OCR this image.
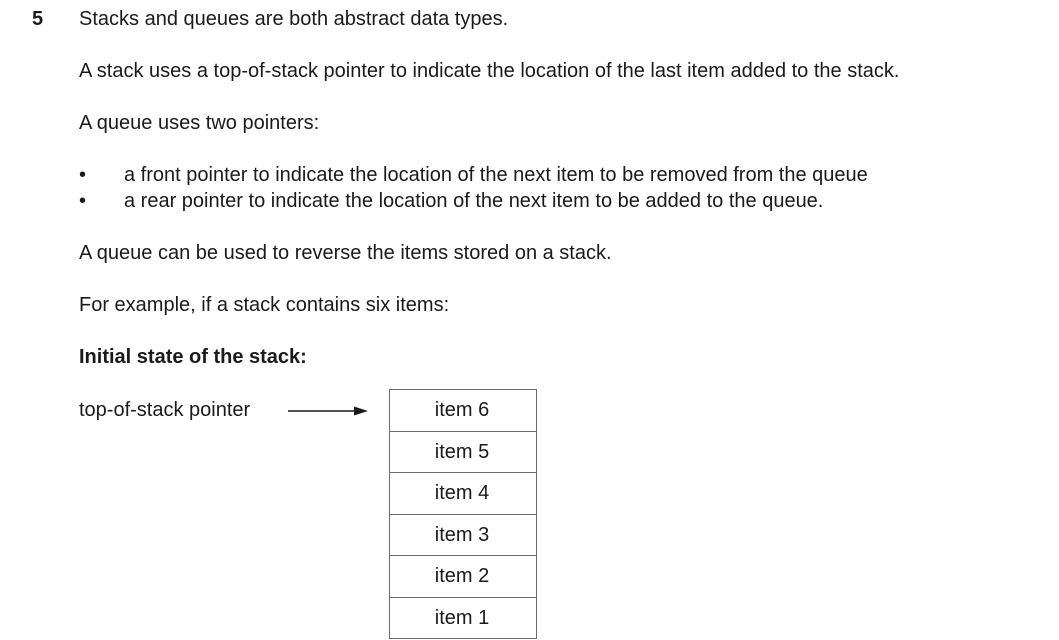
5 Stacks and queues are both abstract data types.
A stack uses a top-of-stack pointer to indicate the location of the last item added to the stack.
A queue uses two pointers:
• a front pointer to indicate the location of the next item to be removed from the queue
• a rear pointer to indicate the location of the next item to be added to the queue.
A queue can be used to reverse the items stored on a stack.
For example, if a stack contains six items:
Initial state of the stack:
top-of-stack pointer	item 6
item 5
item 4
item 3
item 2
item 1
